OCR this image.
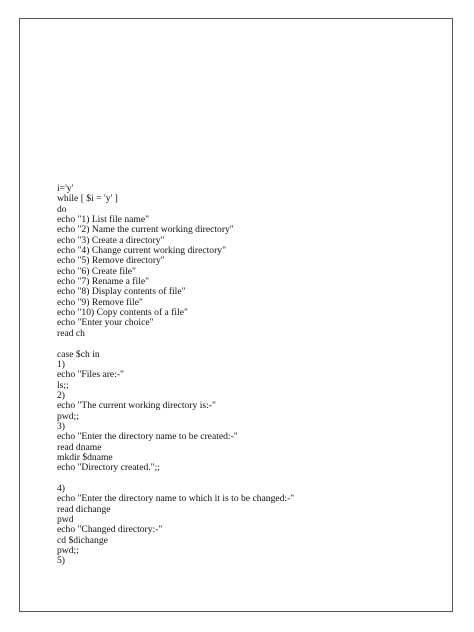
i='y'
while [ $i = 'y' ]
do
echo "1) List file name"
echo "2) Name the current working directory"
echo "3) Create a directory"
echo "4) Change current working directory"
echo "5) Remove directory"
echo "6) Create file"
echo "7) Rename a file"
echo "8) Display contents of file"
echo "9) Remove file"
echo "10) Copy contents of a file"
echo "Enter your choice"
read ch
case $ch in
1)
echo "Files are:-"
ls;;
2)
echo "The current working directory is:-"
pwd;;
3)
echo "Enter the directory name to be created:-"
read dname
mkdir $dname
echo "Directory created.";;
4)
echo "Enter the directory name to which it is to be changed:-"
read dichange
pwd
echo "Changed directory:-"
cd $dichange
pwd;;
5)
